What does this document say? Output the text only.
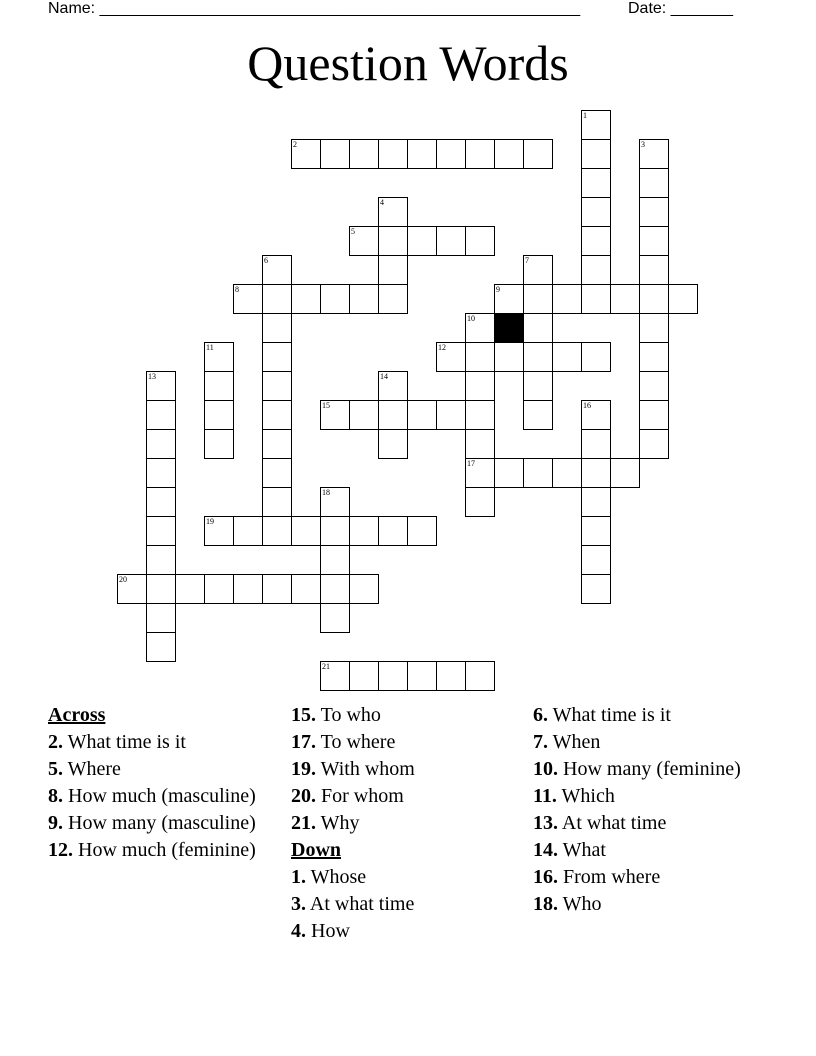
Name: ______________________________________________________	Date: _______
Question Words
1
2	3
4
5
6	7
8	9
10
17
11	12
13	14
15	16
18
19
20
21
Across
2. What time is it
5. Where
8. How much (masculine)
9. How many (masculine)
12. How much (feminine)
15. To who
17. To where
19. With whom
20. For whom
21. Why
Down
1. Whose
3. At what time
4. How
6. What time is it
7. When
10. How many (feminine)
11. Which
13. At what time
14. What
16. From where
18. Who
